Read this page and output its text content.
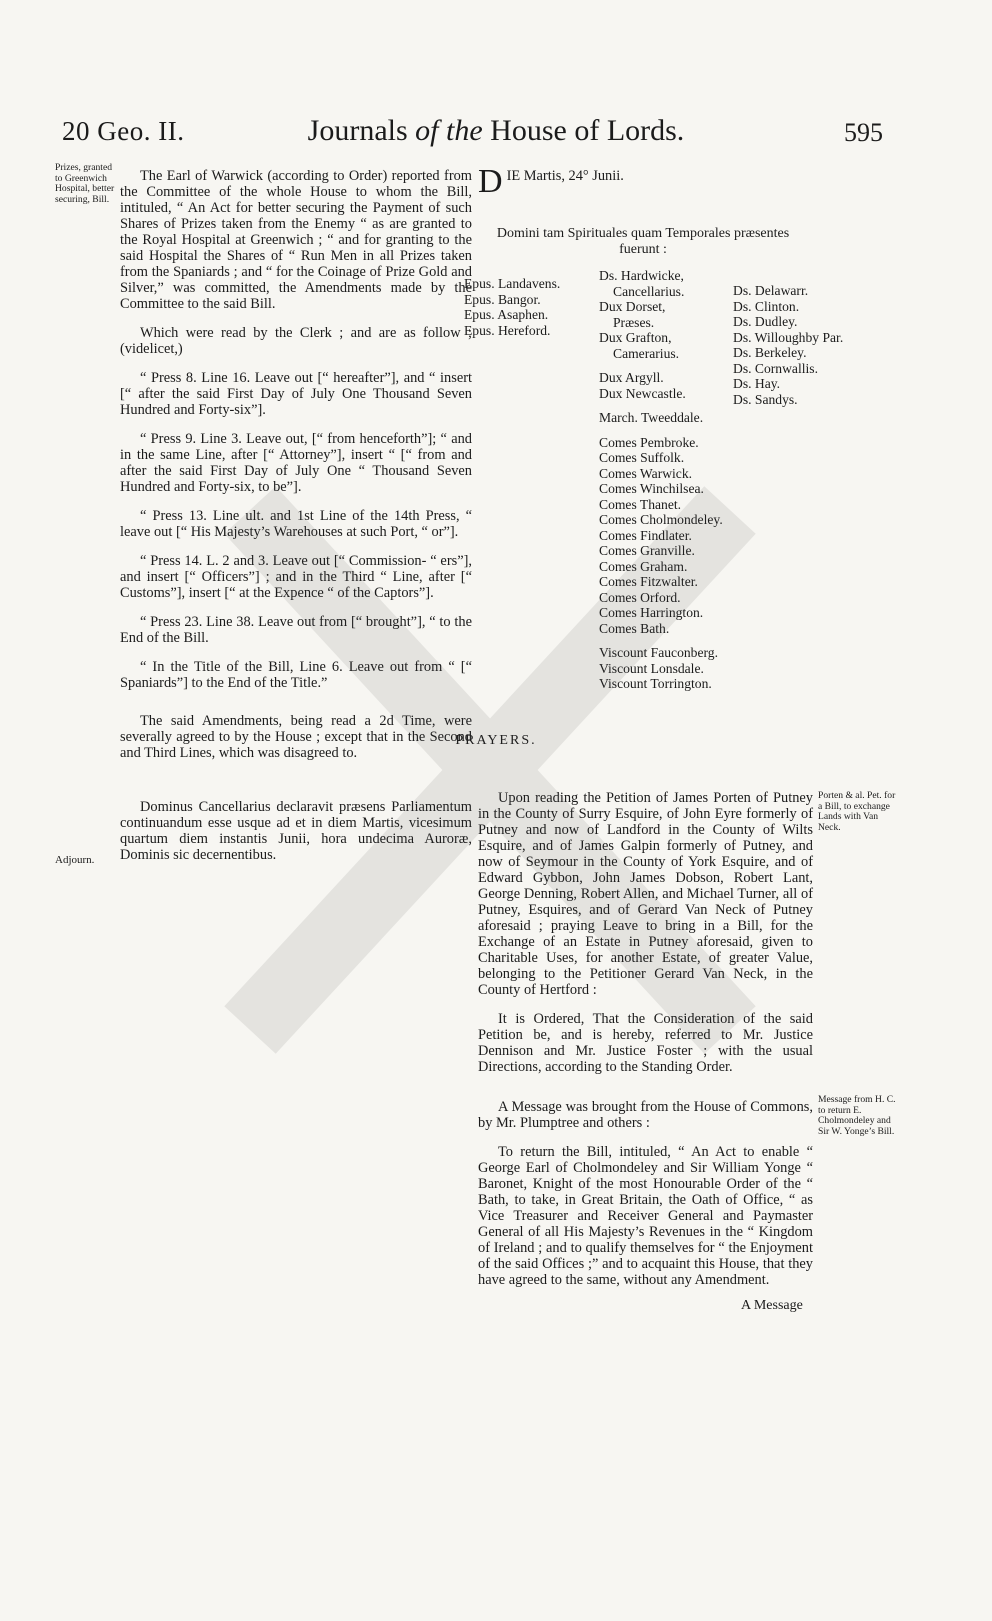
20 Geo. II.	Journals of the House of Lords.	595
Prizes, granted to Greenwich Hospital, better securing, Bill.
Adjourn.

The Earl of Warwick (according to Order) reported from the Committee of the whole House to whom the Bill, intituled, “ An Act for better securing the Payment of such Shares of Prizes taken from the Enemy “ as are granted to the Royal Hospital at Greenwich ; “ and for granting to the said Hospital the Shares of “ Run Men in all Prizes taken from the Spaniards ; and “ for the Coinage of Prize Gold and Silver,” was committed, the Amendments made by the Committee to the said Bill.

Which were read by the Clerk ; and are as follow ; (videlicet,)

“ Press 8. Line 16. Leave out [“ hereafter”], and “ insert [“ after the said First Day of July One Thousand Seven Hundred and Forty-six”].

“ Press 9. Line 3. Leave out, [“ from henceforth”]; “ and in the same Line, after [“ Attorney”], insert “ [“ from and after the said First Day of July One “ Thousand Seven Hundred and Forty-six, to be”].

“ Press 13. Line ult. and 1st Line of the 14th Press, “ leave out [“ His Majesty’s Warehouses at such Port, “ or”].

“ Press 14. L. 2 and 3. Leave out [“ Commission- “ ers”], and insert [“ Officers”] ; and in the Third “ Line, after [“ Customs”], insert [“ at the Expence “ of the Captors”].

“ Press 23. Line 38. Leave out from [“ brought”], “ to the End of the Bill.

“ In the Title of the Bill, Line 6. Leave out from “ [“ Spaniards”] to the End of the Title.”

The said Amendments, being read a 2d Time, were severally agreed to by the House ; except that in the Second and Third Lines, which was disagreed to.

Dominus Cancellarius declaravit præsens Parliamentum continuandum esse usque ad et in diem Martis, vicesimum quartum diem instantis Junii, hora undecima Auroræ, Dominis sic decernentibus.

D IE Martis, 24° Junii.
Domini tam Spirituales quam Temporales præsentes fuerunt :
Epus. Landavens.
Epus. Bangor.
Epus. Asaphen.
Epus. Hereford.
Ds. Hardwicke,
Cancellarius.
Dux Dorset,
Præses.
Dux Grafton,
Camerarius.
Dux Argyll.
Dux Newcastle.
March. Tweeddale.
Comes Pembroke.
Comes Suffolk.
Comes Warwick.
Comes Winchilsea.
Comes Thanet.
Comes Cholmondeley.
Comes Findlater.
Comes Granville.
Comes Graham.
Comes Fitzwalter.
Comes Orford.
Comes Harrington.
Comes Bath.
Viscount Fauconberg.
Viscount Lonsdale.
Viscount Torrington.
Ds. Delawarr.
Ds. Clinton.
Ds. Dudley.
Ds. Willoughby Par.
Ds. Berkeley.
Ds. Cornwallis.
Ds. Hay.
Ds. Sandys.
PRAYERS.
Porten & al. Pet. for a Bill, to exchange Lands with Van Neck.
Message from H. C. to return E. Cholmondeley and Sir W. Yonge’s Bill.

Upon reading the Petition of James Porten of Putney in the County of Surry Esquire, of John Eyre formerly of Putney and now of Landford in the County of Wilts Esquire, and of James Galpin formerly of Putney, and now of Seymour in the County of York Esquire, and of Edward Gybbon, John James Dobson, Robert Lant, George Denning, Robert Allen, and Michael Turner, all of Putney, Esquires, and of Gerard Van Neck of Putney aforesaid ; praying Leave to bring in a Bill, for the Exchange of an Estate in Putney aforesaid, given to Charitable Uses, for another Estate, of greater Value, belonging to the Petitioner Gerard Van Neck, in the County of Hertford :

It is Ordered, That the Consideration of the said Petition be, and is hereby, referred to Mr. Justice Dennison and Mr. Justice Foster ; with the usual Directions, according to the Standing Order.

A Message was brought from the House of Commons, by Mr. Plumptree and others :

To return the Bill, intituled, “ An Act to enable “ George Earl of Cholmondeley and Sir William Yonge “ Baronet, Knight of the most Honourable Order of the “ Bath, to take, in Great Britain, the Oath of Office, “ as Vice Treasurer and Receiver General and Paymaster General of all His Majesty’s Revenues in the “ Kingdom of Ireland ; and to qualify themselves for “ the Enjoyment of the said Offices ;” and to acquaint this House, that they have agreed to the same, without any Amendment.

A Message
